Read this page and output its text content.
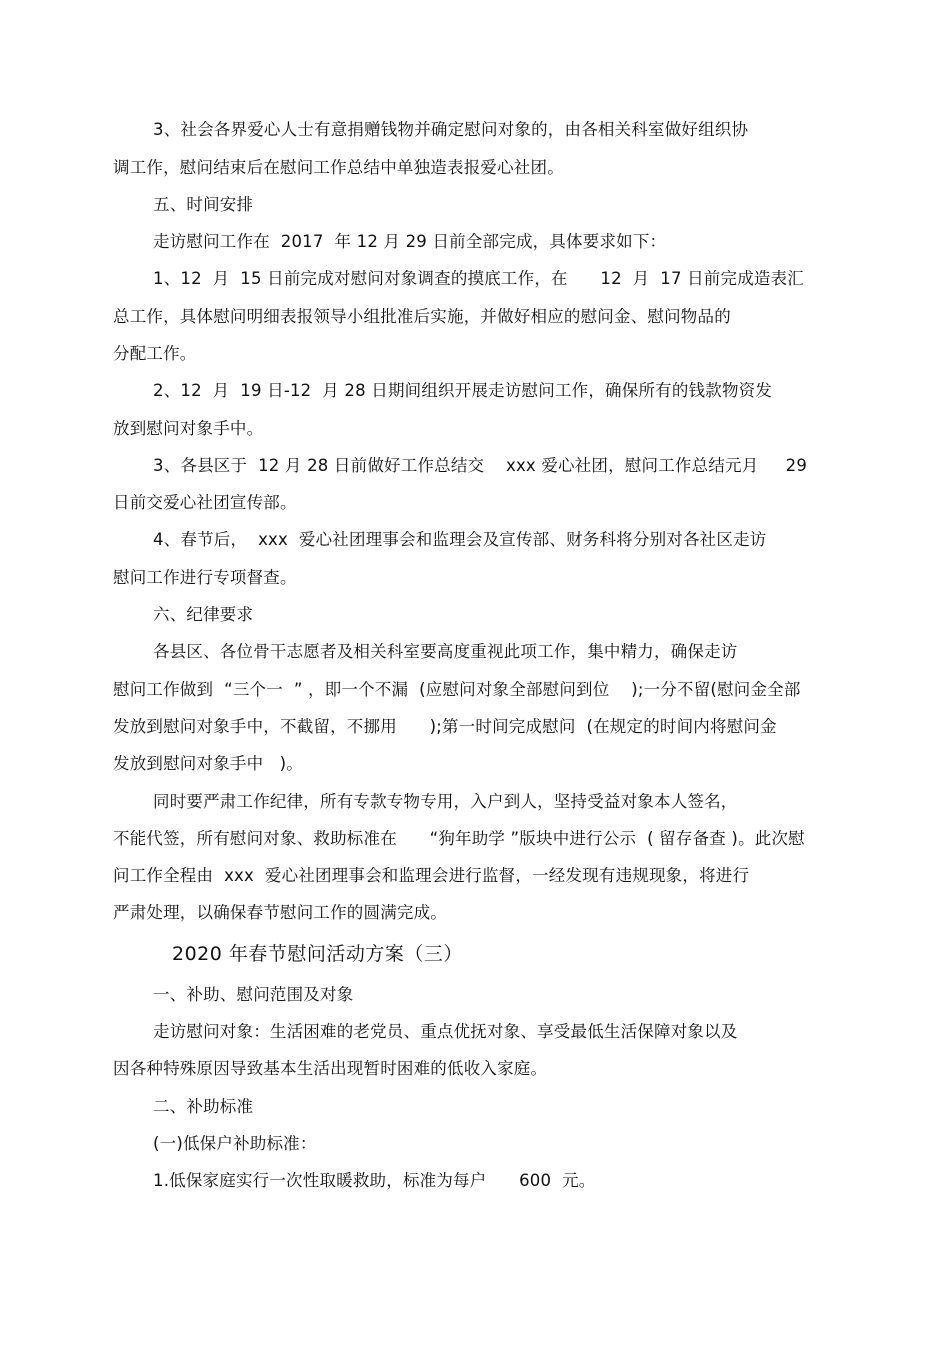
3、社会各界爱心人士有意捐赠钱物并确定慰问对象的，由各相关科室做好组织协

调工作，慰问结束后在慰问工作总结中单独造表报爱心社团。

五、时间安排

走访慰问工作在  2017  年 12 月 29 日前全部完成，具体要求如下：

1、12  月  15 日前完成对慰问对象调查的摸底工作，在      12  月  17 日前完成造表汇

总工作，具体慰问明细表报领导小组批准后实施，并做好相应的慰问金、慰问物品的

分配工作。

2、12  月  19 日-12  月 28 日期间组织开展走访慰问工作，确保所有的钱款物资发

放到慰问对象手中。

3、各县区于  12 月 28 日前做好工作总结交    xxx 爱心社团，慰问工作总结元月     29

日前交爱心社团宣传部。

4、春节后，  xxx  爱心社团理事会和监理会及宣传部、财务科将分别对各社区走访

慰问工作进行专项督查。

六、纪律要求

各县区、各位骨干志愿者及相关科室要高度重视此项工作，集中精力，确保走访

慰问工作做到  “三个一  ” ，即一个不漏  (应慰问对象全部慰问到位    );一分不留(慰问金全部

发放到慰问对象手中，不截留，不挪用      );第一时间完成慰问  (在规定的时间内将慰问金

发放到慰问对象手中   )。

同时要严肃工作纪律，所有专款专物专用，入户到人，坚持受益对象本人签名，

不能代签，所有慰问对象、救助标准在      “狗年助学 ”版块中进行公示  ( 留存备查 )。此次慰

问工作全程由  xxx  爱心社团理事会和监理会进行监督，一经发现有违规现象，将进行

严肃处理，以确保春节慰问工作的圆满完成。

2020 年春节慰问活动方案（三）

一、补助、慰问范围及对象

走访慰问对象：生活困难的老党员、重点优抚对象、享受最低生活保障对象以及

因各种特殊原因导致基本生活出现暂时困难的低收入家庭。

二、补助标准

(一)低保户补助标准：

1.低保家庭实行一次性取暖救助，标准为每户      600  元。
